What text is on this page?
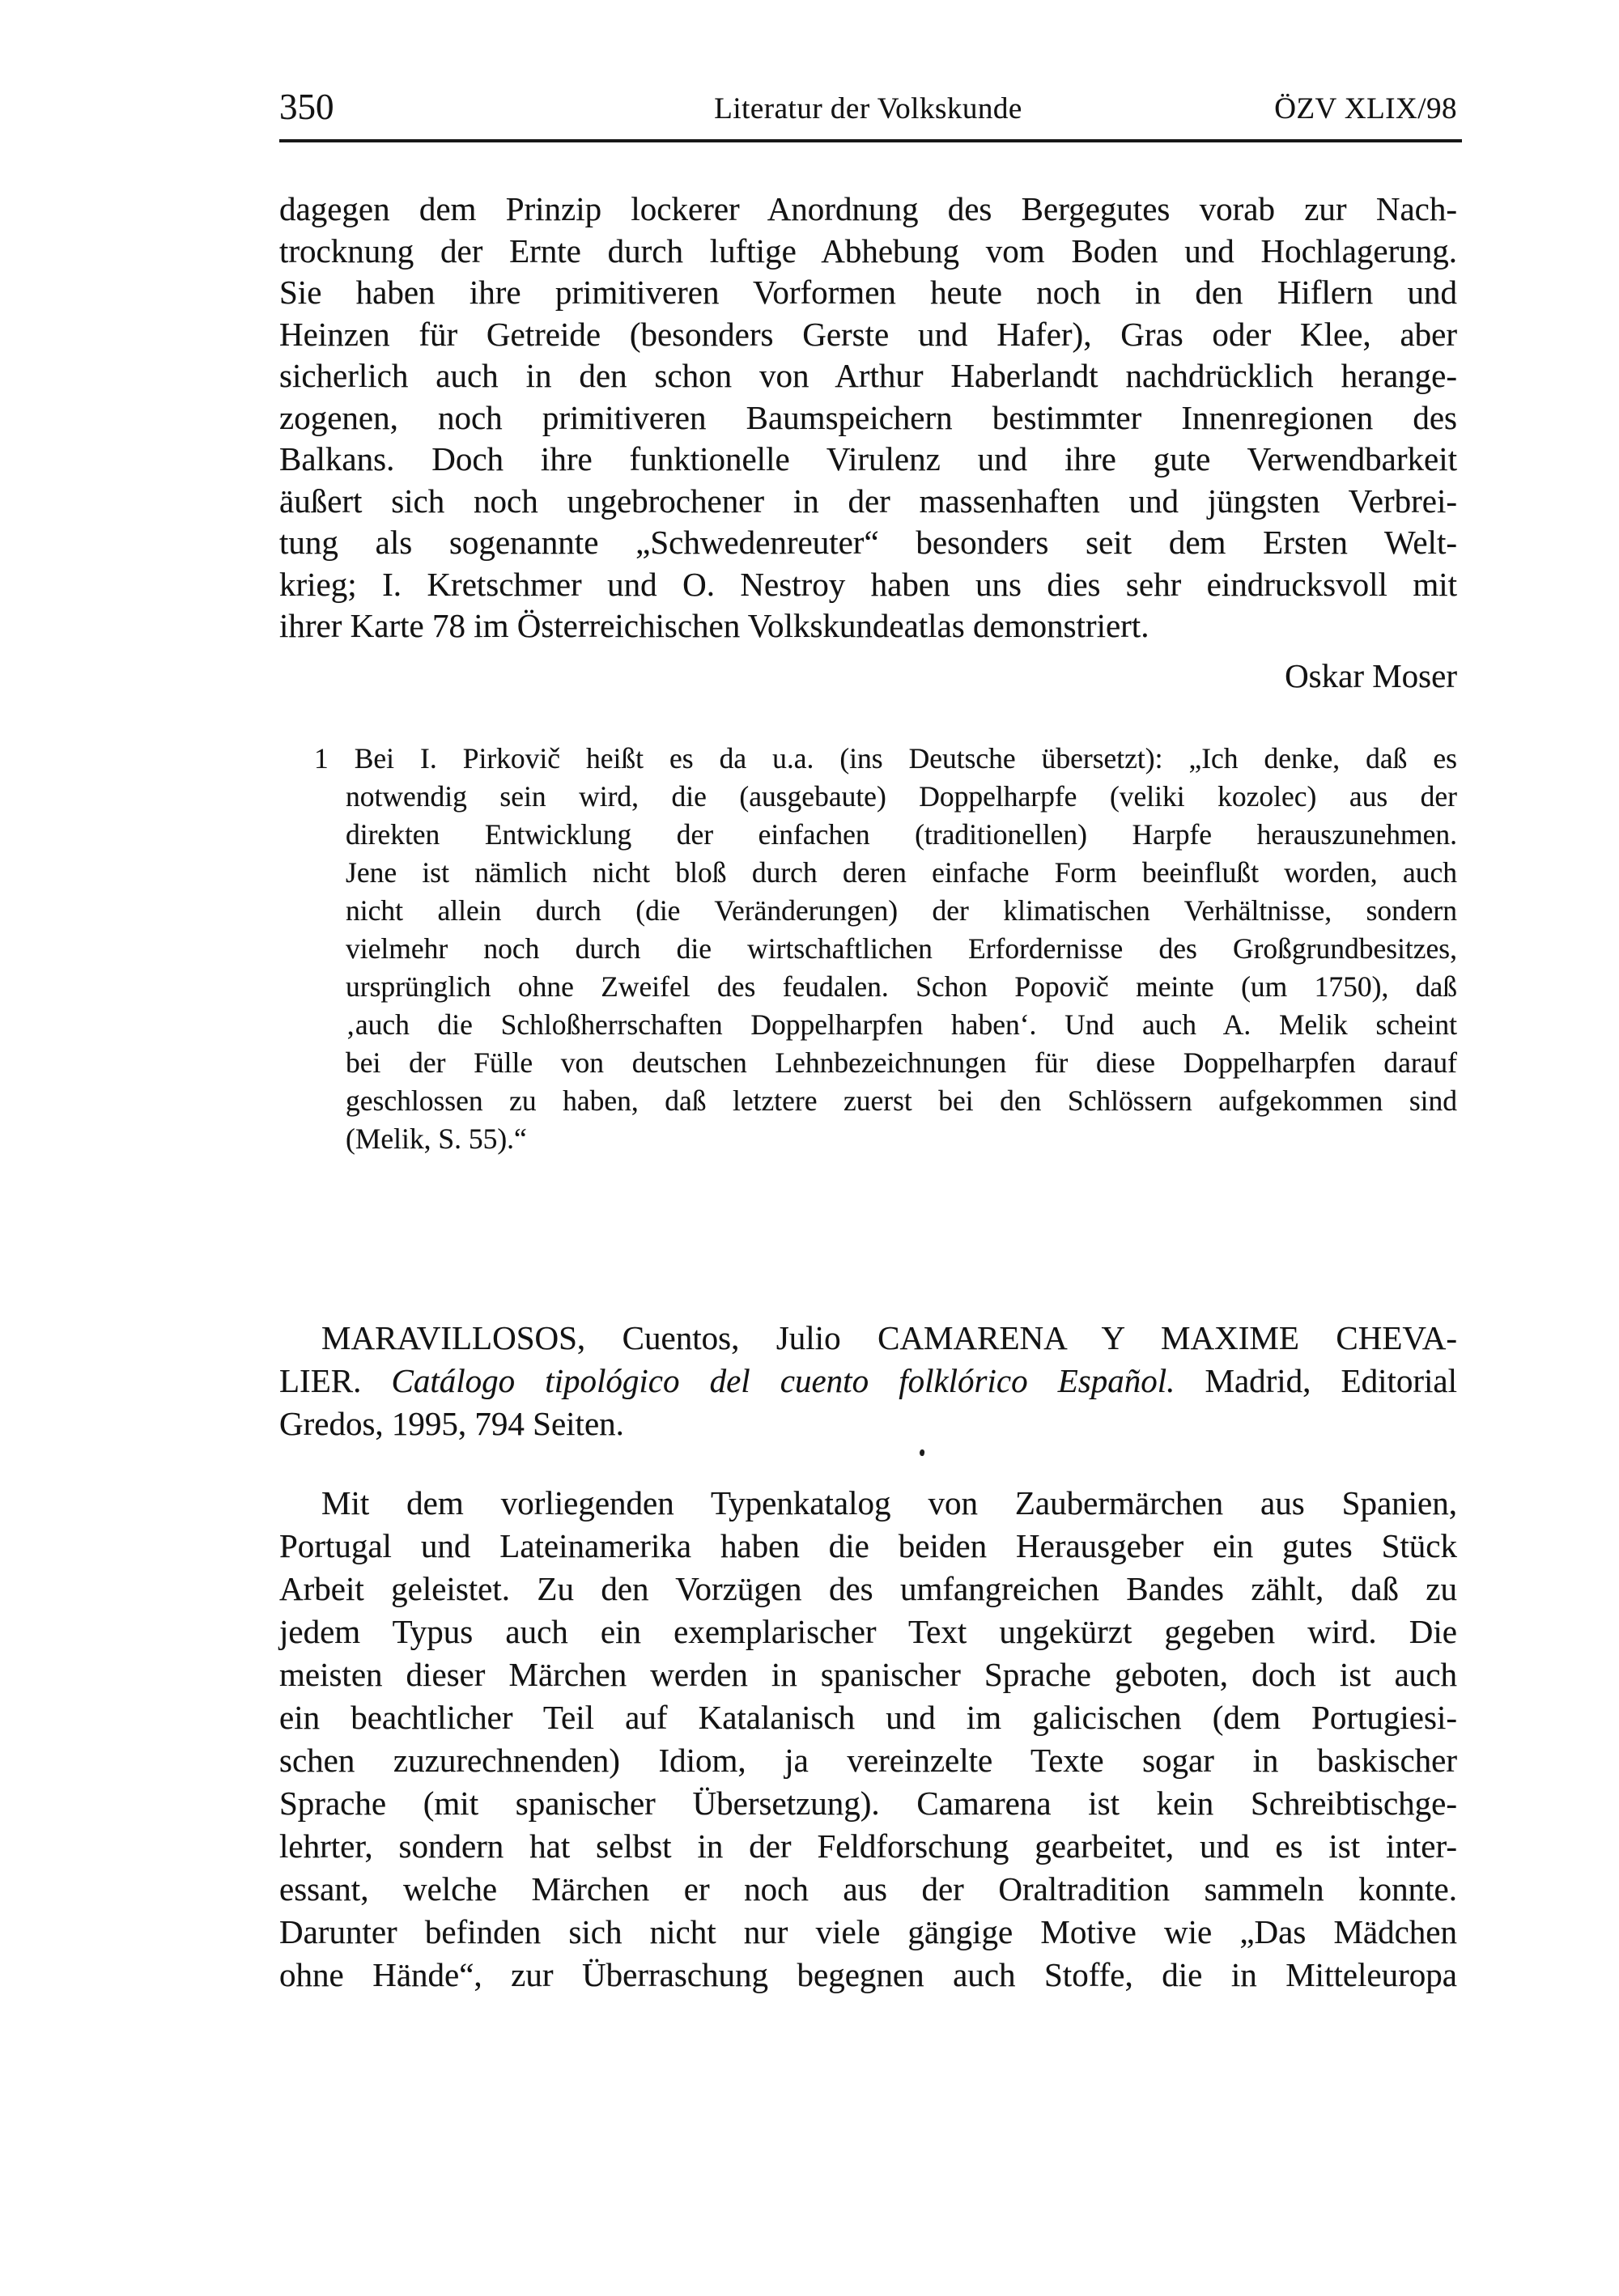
350	Literatur der Volkskunde	ÖZV XLIX/98
dagegen dem Prinzip lockerer Anordnung des Bergegutes vorab zur Nach-
trocknung der Ernte durch luftige Abhebung vom Boden und Hochlagerung.
Sie haben ihre primitiveren Vorformen heute noch in den Hiflern und
Heinzen für Getreide (besonders Gerste und Hafer), Gras oder Klee, aber
sicherlich auch in den schon von Arthur Haberlandt nachdrücklich herange-
zogenen, noch primitiveren Baumspeichern bestimmter Innenregionen des
Balkans. Doch ihre funktionelle Virulenz und ihre gute Verwendbarkeit
äußert sich noch ungebrochener in der massenhaften und jüngsten Verbrei-
tung als sogenannte „Schwedenreuter“ besonders seit dem Ersten Welt-
krieg; I. Kretschmer und O. Nestroy haben uns dies sehr eindrucksvoll mit
ihrer Karte 78 im Österreichischen Volkskundeatlas demonstriert.
Oskar Moser
1 Bei I. Pirkovič heißt es da u.a. (ins Deutsche übersetzt): „Ich denke, daß es
notwendig sein wird, die (ausgebaute) Doppelharpfe (veliki kozolec) aus der
direkten Entwicklung der einfachen (traditionellen) Harpfe herauszunehmen.
Jene ist nämlich nicht bloß durch deren einfache Form beeinflußt worden, auch
nicht allein durch (die Veränderungen) der klimatischen Verhältnisse, sondern
vielmehr noch durch die wirtschaftlichen Erfordernisse des Großgrundbesitzes,
ursprünglich ohne Zweifel des feudalen. Schon Popovič meinte (um 1750), daß
‚auch die Schloßherrschaften Doppelharpfen haben‘. Und auch A. Melik scheint
bei der Fülle von deutschen Lehnbezeichnungen für diese Doppelharpfen darauf
geschlossen zu haben, daß letztere zuerst bei den Schlössern aufgekommen sind
(Melik, S. 55).“
MARAVILLOSOS, Cuentos, Julio CAMARENA Y MAXIME CHEVA-
LIER. Catálogo tipológico del cuento folklórico Español. Madrid, Editorial
Gredos, 1995, 794 Seiten.
Mit dem vorliegenden Typenkatalog von Zaubermärchen aus Spanien,
Portugal und Lateinamerika haben die beiden Herausgeber ein gutes Stück
Arbeit geleistet. Zu den Vorzügen des umfangreichen Bandes zählt, daß zu
jedem Typus auch ein exemplarischer Text ungekürzt gegeben wird. Die
meisten dieser Märchen werden in spanischer Sprache geboten, doch ist auch
ein beachtlicher Teil auf Katalanisch und im galicischen (dem Portugiesi-
schen zuzurechnenden) Idiom, ja vereinzelte Texte sogar in baskischer
Sprache (mit spanischer Übersetzung). Camarena ist kein Schreibtischge-
lehrter, sondern hat selbst in der Feldforschung gearbeitet, und es ist inter-
essant, welche Märchen er noch aus der Oraltradition sammeln konnte.
Darunter befinden sich nicht nur viele gängige Motive wie „Das Mädchen
ohne Hände“, zur Überraschung begegnen auch Stoffe, die in Mitteleuropa
